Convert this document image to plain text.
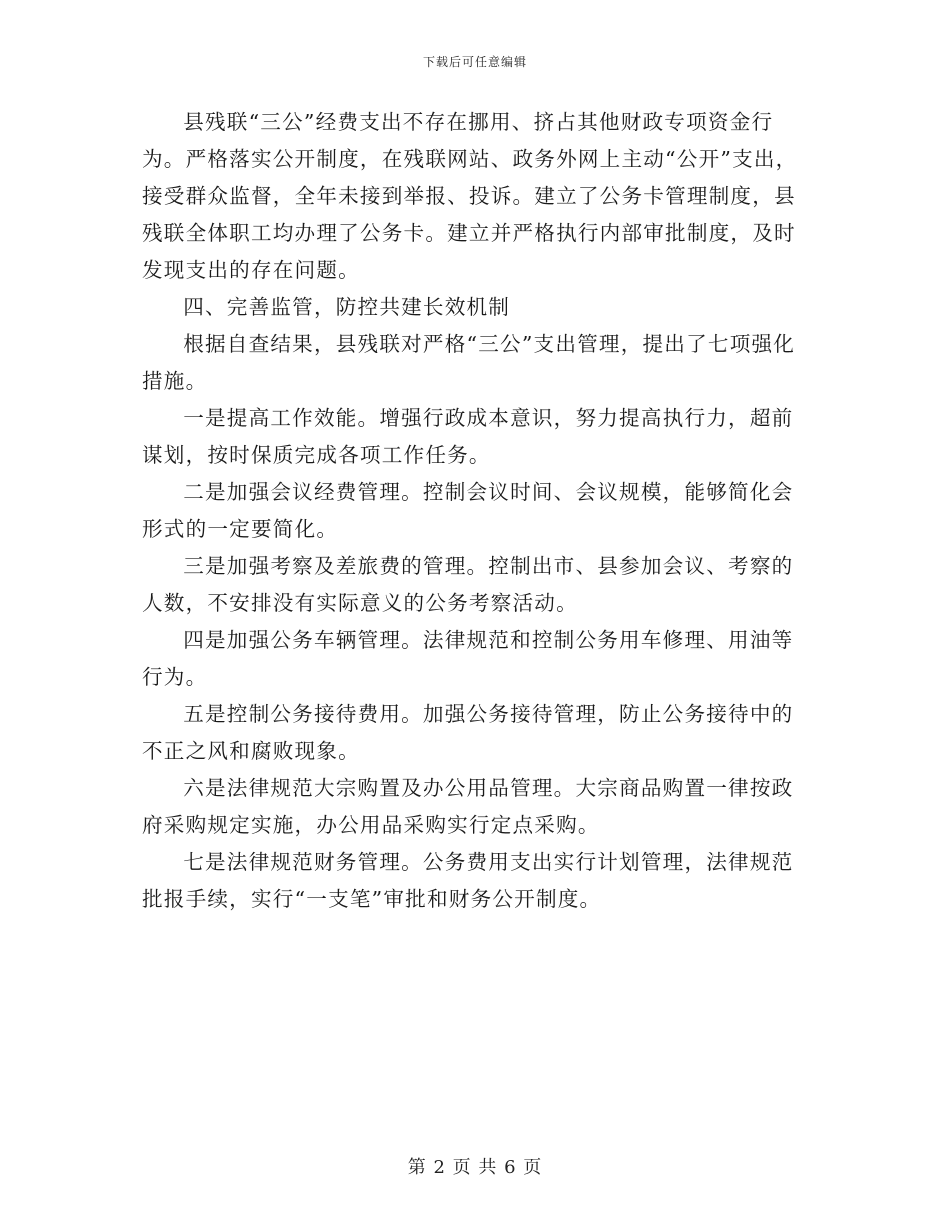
下载后可任意编辑

县残联“三公”经费支出不存在挪用、挤占其他财政专项资金行为。严格落实公开制度，在残联网站、政务外网上主动“公开”支出，接受群众监督，全年未接到举报、投诉。建立了公务卡管理制度，县残联全体职工均办理了公务卡。建立并严格执行内部审批制度，及时发现支出的存在问题。

四、完善监管，防控共建长效机制

根据自查结果，县残联对严格“三公”支出管理，提出了七项强化措施。

一是提高工作效能。增强行政成本意识，努力提高执行力，超前谋划，按时保质完成各项工作任务。

二是加强会议经费管理。控制会议时间、会议规模，能够简化会形式的一定要简化。

三是加强考察及差旅费的管理。控制出市、县参加会议、考察的人数，不安排没有实际意义的公务考察活动。

四是加强公务车辆管理。法律规范和控制公务用车修理、用油等行为。

五是控制公务接待费用。加强公务接待管理，防止公务接待中的不正之风和腐败现象。

六是法律规范大宗购置及办公用品管理。大宗商品购置一律按政府采购规定实施，办公用品采购实行定点采购。

七是法律规范财务管理。公务费用支出实行计划管理，法律规范批报手续，实行“一支笔”审批和财务公开制度。

第 2 页 共 6 页
